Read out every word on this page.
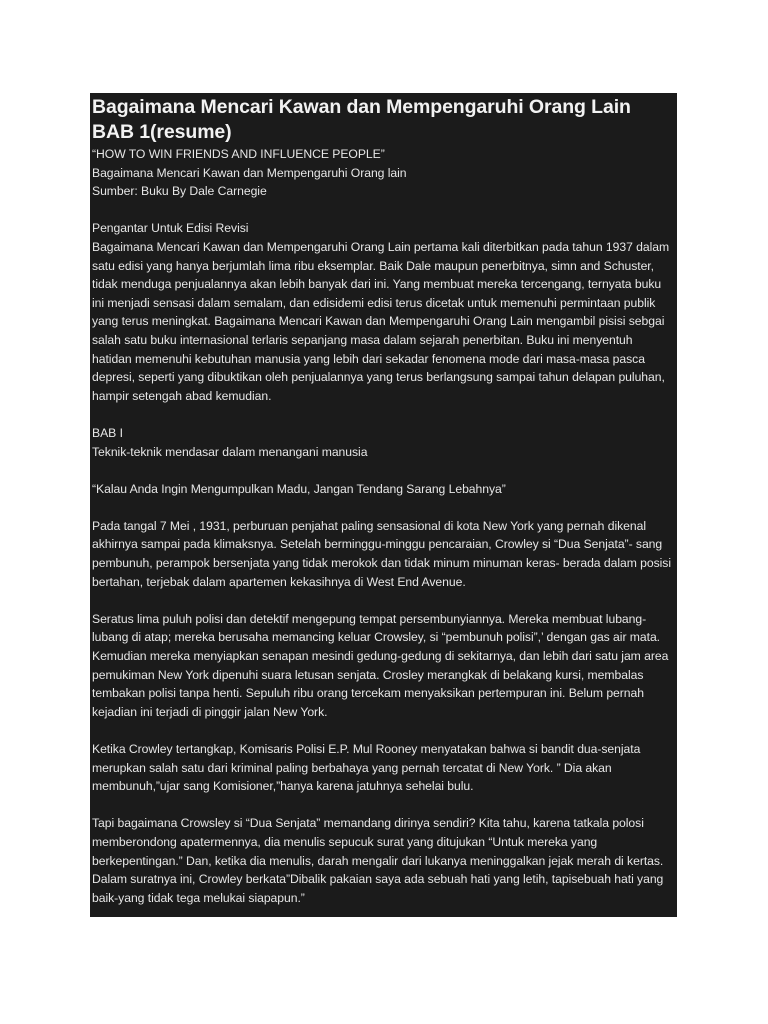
Bagaimana Mencari Kawan dan Mempengaruhi Orang Lain BAB 1(resume)

“HOW TO WIN FRIENDS AND INFLUENCE PEOPLE”

Bagaimana Mencari Kawan dan Mempengaruhi Orang lain

Sumber: Buku By Dale Carnegie

Pengantar Untuk Edisi Revisi

Bagaimana Mencari Kawan dan Mempengaruhi Orang Lain pertama kali diterbitkan pada tahun 1937 dalam satu edisi yang hanya berjumlah lima ribu eksemplar. Baik Dale maupun penerbitnya, simn and Schuster, tidak menduga penjualannya akan lebih banyak dari ini. Yang membuat mereka tercengang, ternyata buku ini menjadi sensasi dalam semalam, dan edisidemi edisi terus dicetak untuk memenuhi permintaan publik yang terus meningkat. Bagaimana Mencari Kawan dan Mempengaruhi Orang Lain mengambil pisisi sebgai salah satu buku internasional terlaris sepanjang masa dalam sejarah penerbitan. Buku ini menyentuh hatidan memenuhi kebutuhan manusia yang lebih dari sekadar fenomena mode dari masa-masa pasca depresi, seperti yang dibuktikan oleh penjualannya yang terus berlangsung sampai tahun delapan puluhan, hampir setengah abad kemudian.

BAB I

Teknik-teknik mendasar dalam menangani manusia

“Kalau Anda Ingin Mengumpulkan Madu, Jangan Tendang Sarang Lebahnya”

Pada tangal 7 Mei , 1931, perburuan penjahat paling sensasional di kota New York yang pernah dikenal akhirnya sampai pada klimaksnya. Setelah berminggu-minggu pencaraian, Crowley si “Dua Senjata”- sang pembunuh, perampok bersenjata yang tidak merokok dan tidak minum minuman keras- berada dalam posisi bertahan, terjebak dalam apartemen kekasihnya di West End Avenue.

Seratus lima puluh polisi dan detektif mengepung tempat persembunyiannya. Mereka membuat lubang-lubang di atap; mereka berusaha memancing keluar Crowsley, si “pembunuh polisi”,’ dengan gas air mata. Kemudian mereka menyiapkan senapan mesindi gedung-gedung di sekitarnya, dan lebih dari satu jam area pemukiman New York dipenuhi suara letusan senjata. Crosley merangkak di belakang kursi, membalas tembakan polisi tanpa henti. Sepuluh ribu orang tercekam menyaksikan pertempuran ini. Belum pernah kejadian ini terjadi di pinggir jalan New York.

Ketika Crowley tertangkap, Komisaris Polisi E.P. Mul Rooney menyatakan bahwa si bandit dua-senjata merupkan salah satu dari kriminal paling berbahaya yang pernah tercatat di New York. ” Dia akan membunuh,”ujar sang Komisioner,”hanya karena jatuhnya sehelai bulu.

Tapi bagaimana Crowsley si “Dua Senjata” memandang dirinya sendiri? Kita tahu, karena tatkala polosi memberondong apatermennya, dia menulis sepucuk surat yang ditujukan “Untuk mereka yang berkepentingan.” Dan, ketika dia menulis, darah mengalir dari lukanya meninggalkan jejak merah di kertas. Dalam suratnya ini, Crowley berkata”Dibalik pakaian saya ada sebuah hati yang letih, tapisebuah hati yang baik-yang tidak tega melukai siapapun.”
